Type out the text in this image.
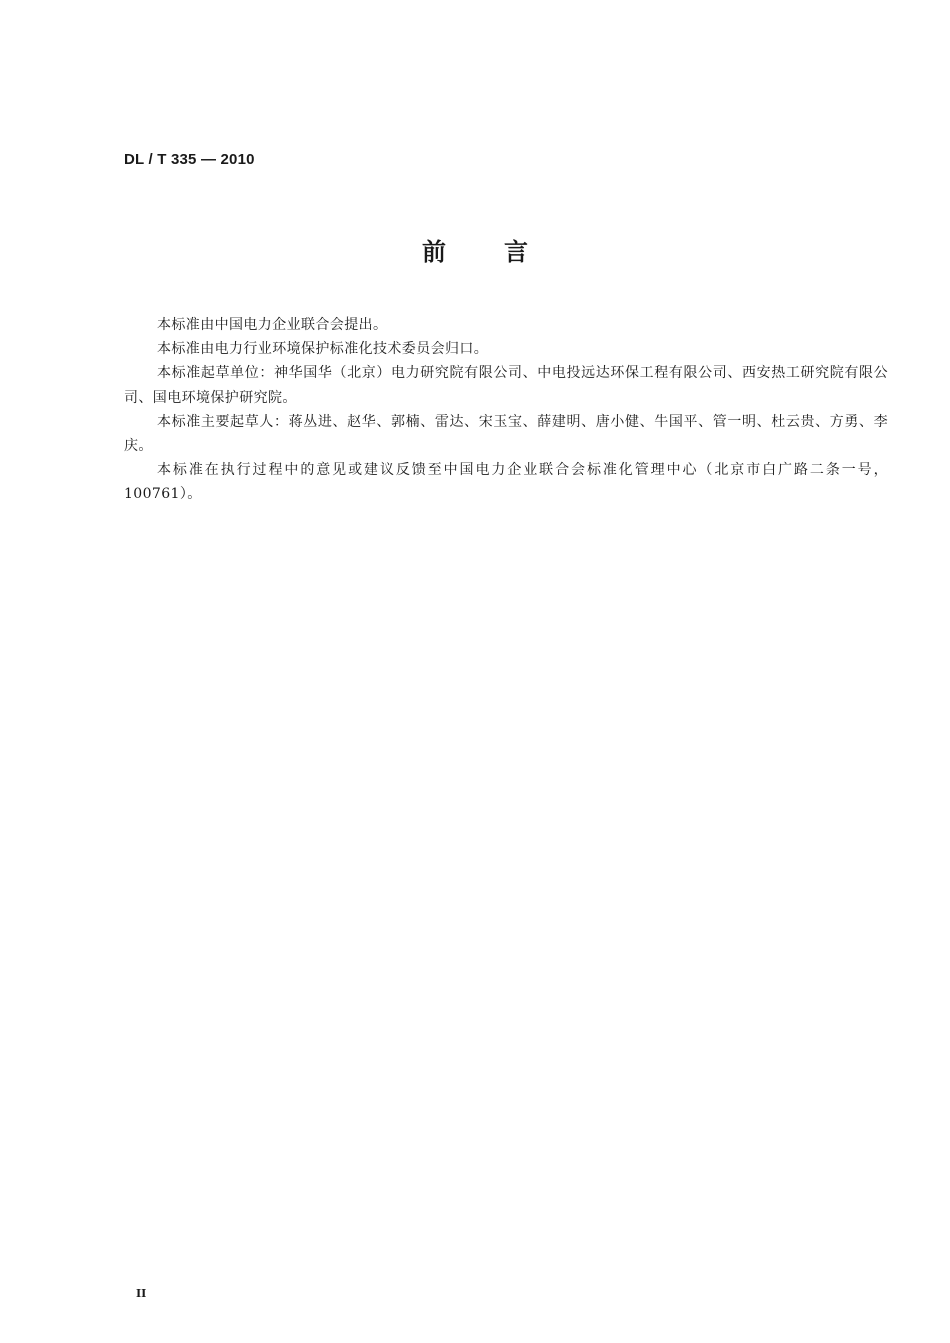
DL / T 335 — 2010
前言

本标准由中国电力企业联合会提出。

本标准由电力行业环境保护标准化技术委员会归口。

本标准起草单位：神华国华（北京）电力研究院有限公司、中电投远达环保工程有限公司、西安热工研究院有限公司、国电环境保护研究院。

本标准主要起草人：蒋丛进、赵华、郭楠、雷达、宋玉宝、薛建明、唐小健、牛国平、管一明、杜云贵、方勇、李庆。

本标准在执行过程中的意见或建议反馈至中国电力企业联合会标准化管理中心（北京市白广路二条一号，100761）。

II
